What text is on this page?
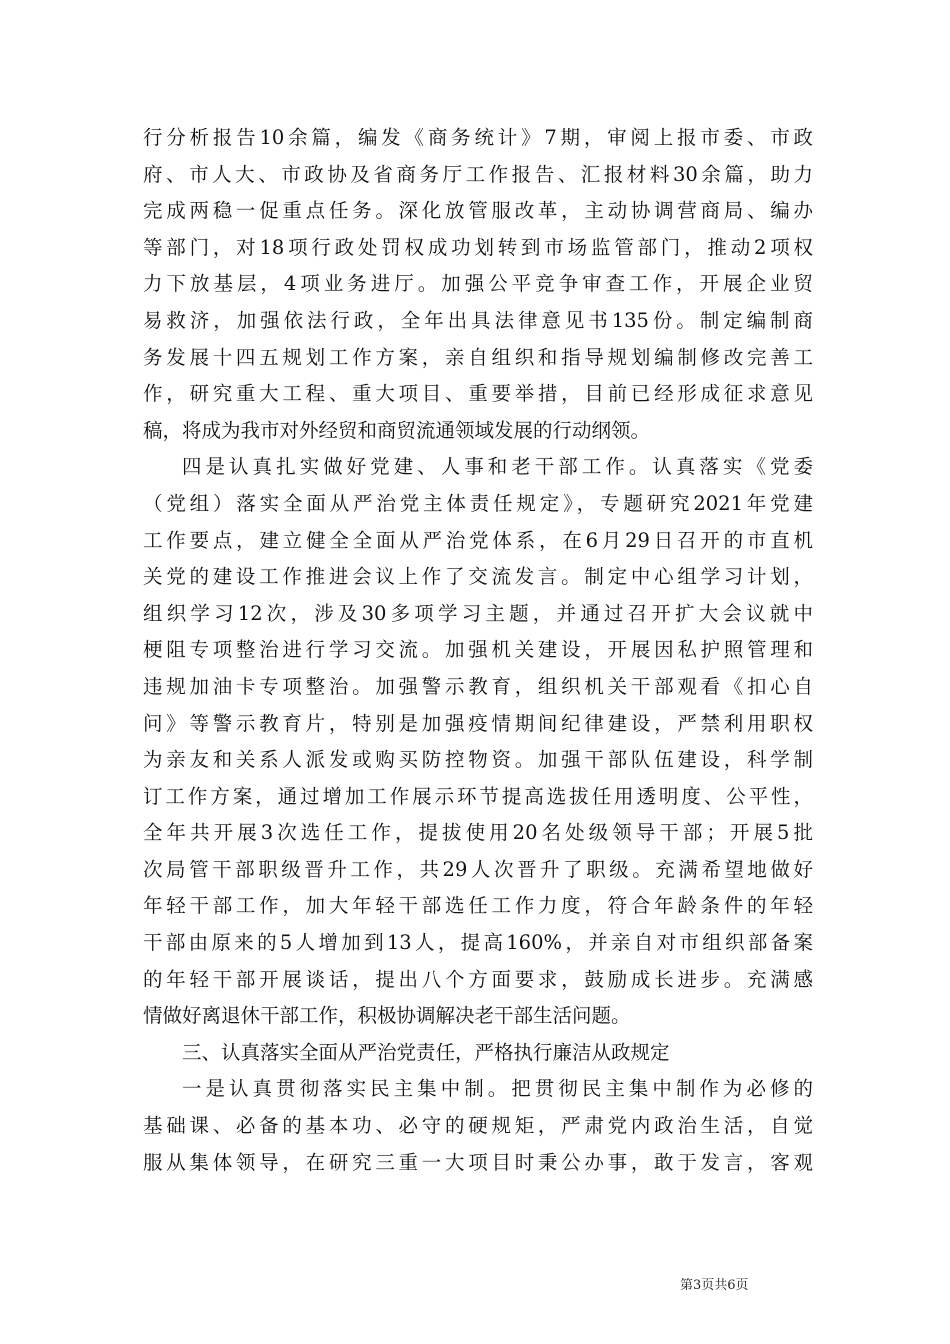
行分析报告10余篇，编发《商务统计》7期，审阅上报市委、市政
府、市人大、市政协及省商务厅工作报告、汇报材料30余篇，助力
完成两稳一促重点任务。深化放管服改革，主动协调营商局、编办
等部门，对18项行政处罚权成功划转到市场监管部门，推动2项权
力下放基层，4项业务进厅。加强公平竞争审查工作，开展企业贸
易救济，加强依法行政，全年出具法律意见书135份。制定编制商
务发展十四五规划工作方案，亲自组织和指导规划编制修改完善工
作，研究重大工程、重大项目、重要举措，目前已经形成征求意见
稿，将成为我市对外经贸和商贸流通领域发展的行动纲领。
四是认真扎实做好党建、人事和老干部工作。认真落实《党委
（党组）落实全面从严治党主体责任规定》，专题研究2021年党建
工作要点，建立健全全面从严治党体系，在6月29日召开的市直机
关党的建设工作推进会议上作了交流发言。制定中心组学习计划，
组织学习12次，涉及30多项学习主题，并通过召开扩大会议就中
梗阻专项整治进行学习交流。加强机关建设，开展因私护照管理和
违规加油卡专项整治。加强警示教育，组织机关干部观看《扣心自
问》等警示教育片，特别是加强疫情期间纪律建设，严禁利用职权
为亲友和关系人派发或购买防控物资。加强干部队伍建设，科学制
订工作方案，通过增加工作展示环节提高选拔任用透明度、公平性，
全年共开展3次选任工作，提拔使用20名处级领导干部；开展5批
次局管干部职级晋升工作，共29人次晋升了职级。充满希望地做好
年轻干部工作，加大年轻干部选任工作力度，符合年龄条件的年轻
干部由原来的5人增加到13人，提高160%，并亲自对市组织部备案
的年轻干部开展谈话，提出八个方面要求，鼓励成长进步。充满感
情做好离退休干部工作，积极协调解决老干部生活问题。
三、认真落实全面从严治党责任，严格执行廉洁从政规定
一是认真贯彻落实民主集中制。把贯彻民主集中制作为必修的
基础课、必备的基本功、必守的硬规矩，严肃党内政治生活，自觉
服从集体领导，在研究三重一大项目时秉公办事，敢于发言，客观
第3页共6页
